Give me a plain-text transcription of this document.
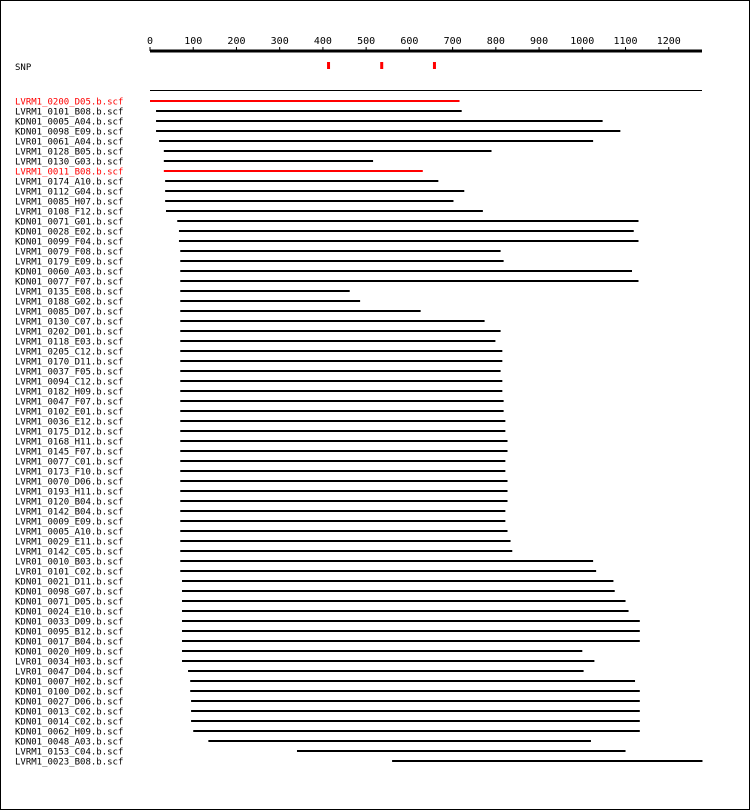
0	100	200	300	400	500	600	700	800	900 1000 1100 1200
SNP
LVRM1_0200_D05.b.scf
LVRM1_0101_B08.b.scf
KDN01_0005_A04.b.scf
KDN01_0098_E09.b.scf
LVR01_0061_A04.b.scf
LVRM1_0128_B05.b.scf
LVRM1_0130_G03.b.scf
LVRM1_0011_B08.b.scf
LVRM1_0174_A10.b.scf
LVRM1_0112_G04.b.scf
LVRM1_0085_H07.b.scf
LVRM1_0108_F12.b.scf
KDN01_0071_G01.b.scf
KDN01_0028_E02.b.scf
KDN01_0099_F04.b.scf
LVRM1_0079_F08.b.scf
LVRM1_0179_E09.b.scf
KDN01_0060_A03.b.scf
KDN01_0077_F07.b.scf
LVRM1_0135_E08.b.scf
LVRM1_0188_G02.b.scf
LVRM1_0085_D07.b.scf
LVRM1_0130_C07.b.scf
LVRM1_0202_D01.b.scf
LVRM1_0118_E03.b.scf
LVRM1_0205_C12.b.scf
LVRM1_0170_D11.b.scf
LVRM1_0037_F05.b.scf
LVRM1_0094_C12.b.scf
LVRM1_0182_H09.b.scf
LVRM1_0047_F07.b.scf
LVRM1_0102_E01.b.scf
LVRM1_0036_E12.b.scf
LVRM1_0175_D12.b.scf
LVRM1_0168_H11.b.scf
LVRM1_0145_F07.b.scf
LVRM1_0077_C01.b.scf
LVRM1_0173_F10.b.scf
LVRM1_0070_D06.b.scf
LVRM1_0193_H11.b.scf
LVRM1_0120_B04.b.scf
LVRM1_0142_B04.b.scf
LVRM1_0009_E09.b.scf
LVRM1_0005_A10.b.scf
LVRM1_0029_E11.b.scf
LVRM1_0142_C05.b.scf
LVR01_0010_B03.b.scf
LVR01_0101_C02.b.scf
KDN01_0021_D11.b.scf
KDN01_0098_G07.b.scf
KDN01_0071_D05.b.scf
KDN01_0024_E10.b.scf
KDN01_0033_D09.b.scf
KDN01_0095_B12.b.scf
KDN01_0017_B04.b.scf
KDN01_0020_H09.b.scf
LVR01_0034_H03.b.scf
LVR01_0047_D04.b.scf
KDN01_0007_H02.b.scf
KDN01_0100_D02.b.scf
KDN01_0027_D06.b.scf
KDN01_0013_C02.b.scf
KDN01_0014_C02.b.scf
KDN01_0062_H09.b.scf
KDN01_0048_A03.b.scf
LVRM1_0153_C04.b.scf
LVRM1_0023_B08.b.scf
